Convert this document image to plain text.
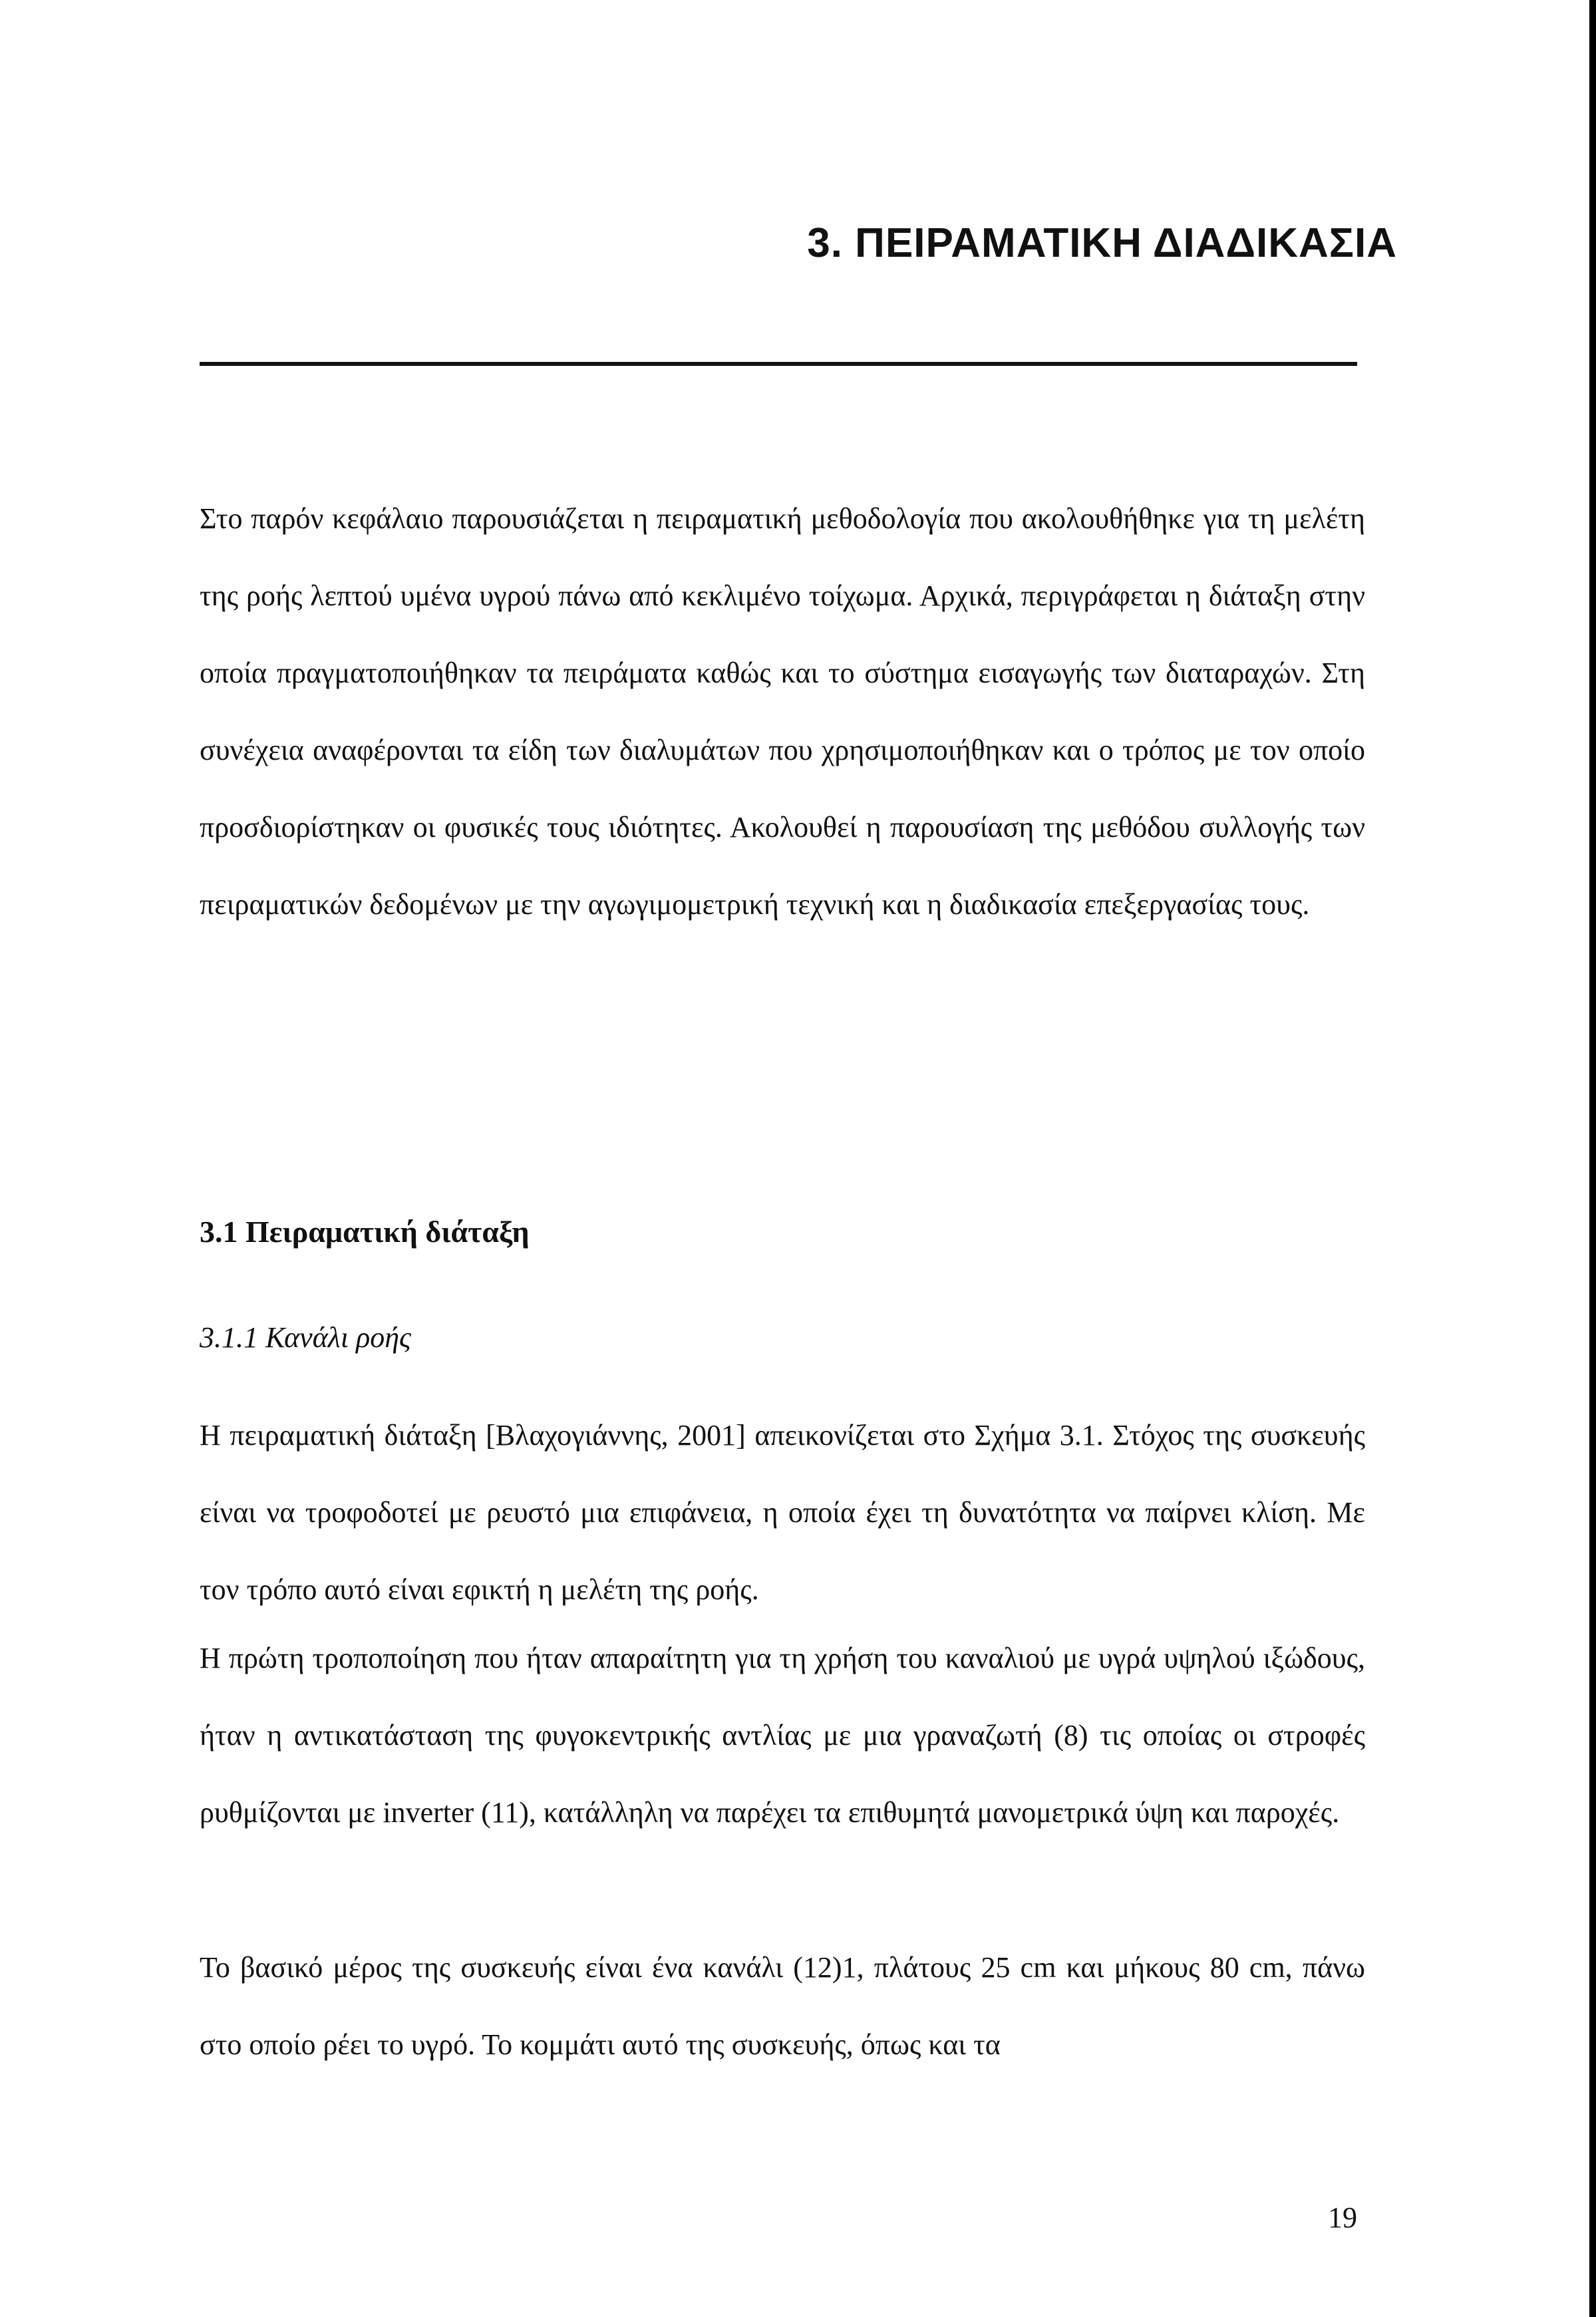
3. ΠΕΙΡΑΜΑΤΙΚΗ ΔΙΑΔΙΚΑΣΙΑ
Στο παρόν κεφάλαιο παρουσιάζεται η πειραματική μεθοδολογία που ακολουθήθηκε για τη μελέτη της ροής λεπτού υμένα υγρού πάνω από κεκλιμένο τοίχωμα. Αρχικά, περιγράφεται η διάταξη στην οποία πραγματοποιήθηκαν τα πειράματα καθώς και το σύστημα εισαγωγής των διαταραχών. Στη συνέχεια αναφέρονται τα είδη των διαλυμάτων που χρησιμοποιήθηκαν και ο τρόπος με τον οποίο προσδιορίστηκαν οι φυσικές τους ιδιότητες. Ακολουθεί η παρουσίαση της μεθόδου συλλογής των πειραματικών δεδομένων με την αγωγιμομετρική τεχνική και η διαδικασία επεξεργασίας τους.
3.1 Πειραματική διάταξη
3.1.1 Κανάλι ροής
Η πειραματική διάταξη [Βλαχογιάννης, 2001] απεικονίζεται στο Σχήμα 3.1. Στόχος της συσκευής είναι να τροφοδοτεί με ρευστό μια επιφάνεια, η οποία έχει τη δυνατότητα να παίρνει κλίση. Με τον τρόπο αυτό είναι εφικτή η μελέτη της ροής.
Η πρώτη τροποποίηση που ήταν απαραίτητη για τη χρήση του καναλιού με υγρά υψηλού ιξώδους, ήταν η αντικατάσταση της φυγοκεντρικής αντλίας με μια γραναζωτή (8) τις οποίας οι στροφές ρυθμίζονται με inverter (11), κατάλληλη να παρέχει τα επιθυμητά μανομετρικά ύψη και παροχές.
Το βασικό μέρος της συσκευής είναι ένα κανάλι (12)1, πλάτους 25 cm και μήκους 80 cm, πάνω στο οποίο ρέει το υγρό. Το κομμάτι αυτό της συσκευής, όπως και τα
19
